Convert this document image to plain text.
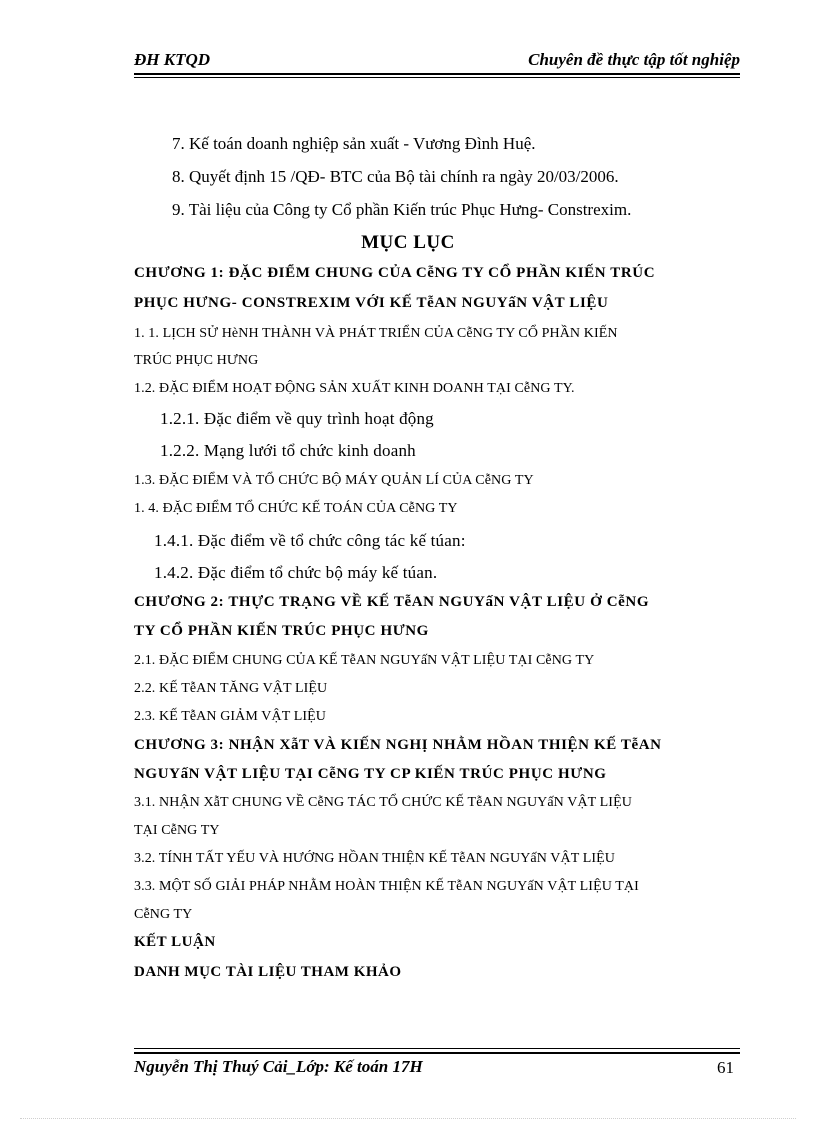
ĐH KTQD	Chuyên đề thực tập tốt nghiệp
7. Kế toán doanh nghiệp sản xuất - Vương Đình Huệ.
8. Quyết định 15 /QĐ- BTC của Bộ tài chính ra ngày 20/03/2006.
9. Tài liệu của Công ty Cổ phần Kiến trúc Phục Hưng- Constrexim.
MỤC LỤC
CHƯƠNG 1: ĐẶC ĐIỂM CHUNG CỦA CễNG TY CỔ PHẦN KIẾN TRÚC
PHỤC HƯNG- CONSTREXIM VỚI KẾ TễAN NGUYấN VẬT LIỆU
1. 1. LỊCH SỬ HèNH THÀNH VÀ PHÁT TRIỂN CỦA CễNG TY CỔ PHẦN KIẾN
TRÚC PHỤC HƯNG
1.2. ĐẶC ĐIỂM HOẠT ĐỘNG SẢN XUẤT KINH DOANH TẠI CễNG TY.
1.2.1. Đặc điểm về quy trình hoạt động
1.2.2. Mạng lưới tổ chức kinh doanh
1.3. ĐẶC ĐIỂM VÀ TỔ CHỨC BỘ MÁY QUẢN LÍ CỦA CễNG TY
1. 4. ĐẶC ĐIỂM TỔ CHỨC KẾ TOÁN CỦA CễNG TY
1.4.1. Đặc điểm về tổ chức công tác kế túan:
1.4.2. Đặc điểm tổ chức bộ máy kế túan.
CHƯƠNG 2: THỰC TRẠNG VỀ KẾ TễAN NGUYấN VẬT LIỆU Ở CễNG
TY CỔ PHẦN KIẾN TRÚC PHỤC HƯNG
2.1. ĐẶC ĐIỂM CHUNG CỦA KẾ TễAN NGUYấN VẬT LIỆU TẠI CễNG TY
2.2. KẾ TễAN TĂNG VẬT LIỆU
2.3. KẾ TễAN GIẢM VẬT LIỆU
CHƯƠNG 3: NHẬN XẫT VÀ KIẾN NGHỊ NHẰM HỒAN THIỆN KẾ TễAN
NGUYấN VẬT LIỆU TẠI CễNG TY CP KIẾN TRÚC PHỤC HƯNG
3.1. NHẬN XẫT CHUNG VỀ CễNG TÁC TỔ CHỨC KẾ TễAN NGUYấN VẬT LIỆU
TẠI CễNG TY
3.2. TÍNH TẤT YẾU VÀ HƯỚNG HỒAN THIỆN KẾ TễAN NGUYấN VẬT LIỆU
3.3. MỘT SỐ GIẢI PHÁP NHẰM HOÀN THIỆN KẾ TễAN NGUYấN VẬT LIỆU TẠI
CễNG TY
KẾT LUẬN
DANH MỤC TÀI LIỆU THAM KHẢO
Nguyễn Thị Thuý Cải_Lớp: Kế toán 17H	61
